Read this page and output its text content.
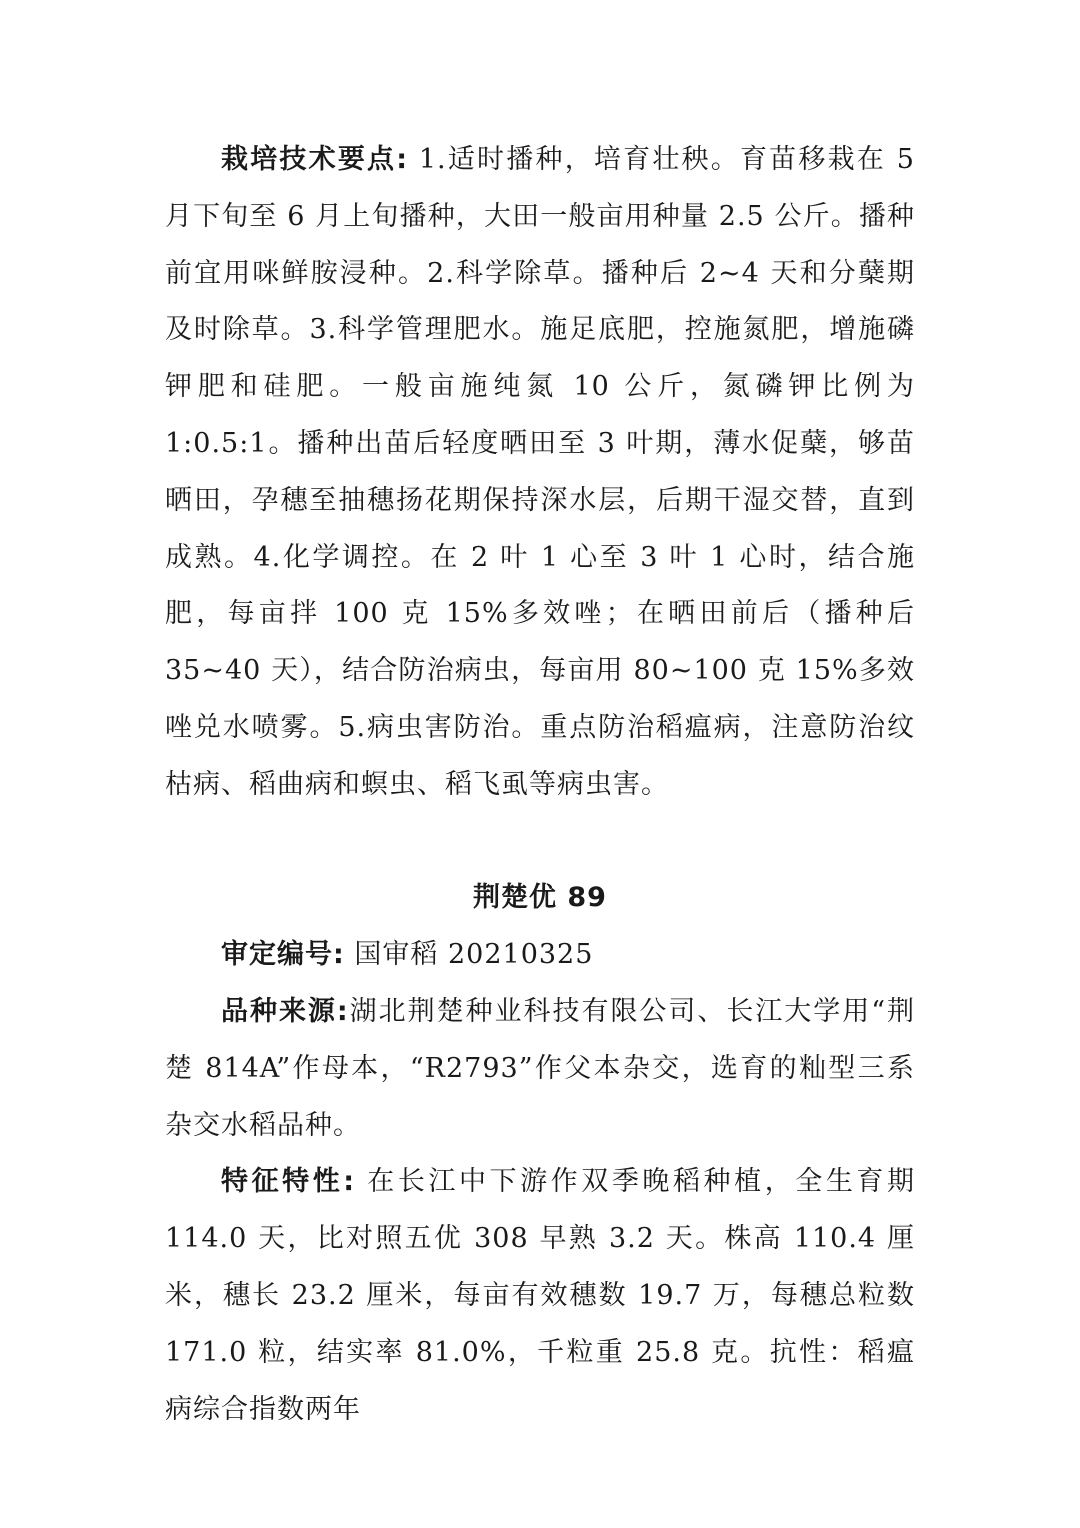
栽培技术要点: 1.适时播种，培育壮秧。育苗移栽在 5 月下旬至 6 月上旬播种，大田一般亩用种量 2.5 公斤。播种前宜用咪鲜胺浸种。2.科学除草。播种后 2~4 天和分蘖期及时除草。3.科学管理肥水。施足底肥，控施氮肥，增施磷钾肥和硅肥。一般亩施纯氮 10 公斤，氮磷钾比例为 1:0.5:1。播种出苗后轻度晒田至 3 叶期，薄水促蘖，够苗晒田，孕穗至抽穗扬花期保持深水层，后期干湿交替，直到成熟。4.化学调控。在 2 叶 1 心至 3 叶 1 心时，结合施肥，每亩拌 100 克 15%多效唑；在晒田前后（播种后 35~40 天），结合防治病虫，每亩用 80~100 克 15%多效唑兑水喷雾。5.病虫害防治。重点防治稻瘟病，注意防治纹枯病、稻曲病和螟虫、稻飞虱等病虫害。

荆楚优 89

审定编号: 国审稻 20210325

品种来源:湖北荆楚种业科技有限公司、长江大学用“荆楚 814A”作母本，“R2793”作父本杂交，选育的籼型三系杂交水稻品种。

特征特性: 在长江中下游作双季晚稻种植，全生育期 114.0 天，比对照五优 308 早熟 3.2 天。株高 110.4 厘米，穗长 23.2 厘米，每亩有效穗数 19.7 万，每穗总粒数 171.0 粒，结实率 81.0%，千粒重 25.8 克。抗性：稻瘟病综合指数两年
